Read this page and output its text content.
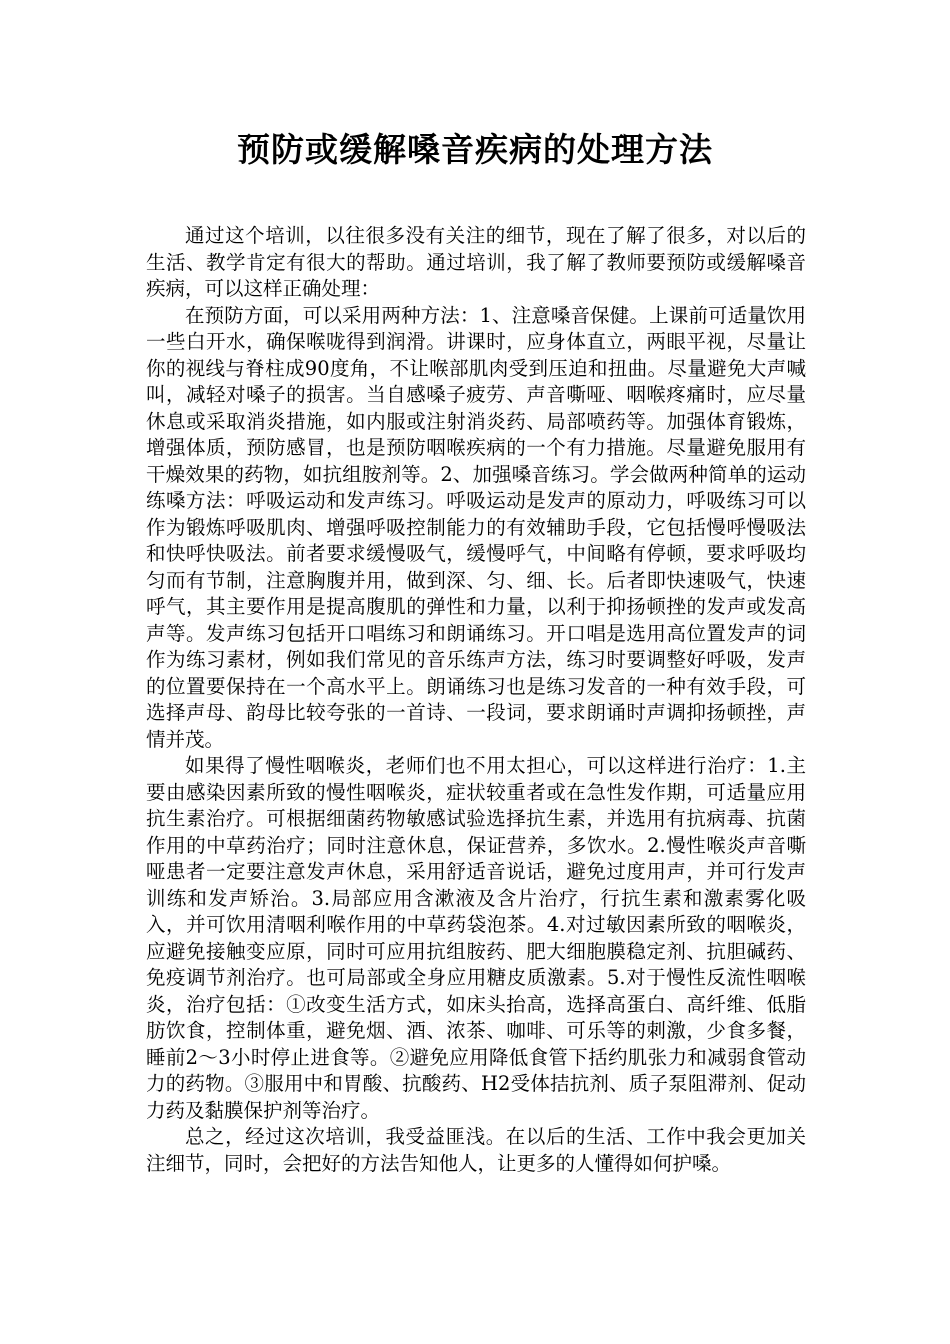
预防或缓解嗓音疾病的处理方法

通过这个培训，以往很多没有关注的细节，现在了解了很多，对以后的生活、教学肯定有很大的帮助。通过培训，我了解了教师要预防或缓解嗓音疾病，可以这样正确处理：

在预防方面，可以采用两种方法：1、注意嗓音保健。上课前可适量饮用一些白开水，确保喉咙得到润滑。讲课时，应身体直立，两眼平视，尽量让你的视线与脊柱成90度角，不让喉部肌肉受到压迫和扭曲。尽量避免大声喊叫，减轻对嗓子的损害。当自感嗓子疲劳、声音嘶哑、咽喉疼痛时，应尽量休息或采取消炎措施，如内服或注射消炎药、局部喷药等。加强体育锻炼，增强体质，预防感冒，也是预防咽喉疾病的一个有力措施。尽量避免服用有干燥效果的药物，如抗组胺剂等。2、加强嗓音练习。学会做两种简单的运动练嗓方法：呼吸运动和发声练习。呼吸运动是发声的原动力，呼吸练习可以作为锻炼呼吸肌肉、增强呼吸控制能力的有效辅助手段，它包括慢呼慢吸法和快呼快吸法。前者要求缓慢吸气，缓慢呼气，中间略有停顿，要求呼吸均匀而有节制，注意胸腹并用，做到深、匀、细、长。后者即快速吸气，快速呼气，其主要作用是提高腹肌的弹性和力量，以利于抑扬顿挫的发声或发高声等。发声练习包括开口唱练习和朗诵练习。开口唱是选用高位置发声的词作为练习素材，例如我们常见的音乐练声方法，练习时要调整好呼吸，发声的位置要保持在一个高水平上。朗诵练习也是练习发音的一种有效手段，可选择声母、韵母比较夸张的一首诗、一段词，要求朗诵时声调抑扬顿挫，声情并茂。

如果得了慢性咽喉炎，老师们也不用太担心，可以这样进行治疗：1.主要由感染因素所致的慢性咽喉炎，症状较重者或在急性发作期，可适量应用抗生素治疗。可根据细菌药物敏感试验选择抗生素，并选用有抗病毒、抗菌作用的中草药治疗；同时注意休息，保证营养，多饮水。2.慢性喉炎声音嘶哑患者一定要注意发声休息，采用舒适音说话，避免过度用声，并可行发声训练和发声矫治。3.局部应用含漱液及含片治疗，行抗生素和激素雾化吸入，并可饮用清咽利喉作用的中草药袋泡茶。4.对过敏因素所致的咽喉炎，应避免接触变应原，同时可应用抗组胺药、肥大细胞膜稳定剂、抗胆碱药、免疫调节剂治疗。也可局部或全身应用糖皮质激素。5.对于慢性反流性咽喉炎，治疗包括：①改变生活方式，如床头抬高，选择高蛋白、高纤维、低脂肪饮食，控制体重，避免烟、酒、浓茶、咖啡、可乐等的刺激，少食多餐，睡前2～3小时停止进食等。②避免应用降低食管下括约肌张力和减弱食管动力的药物。③服用中和胃酸、抗酸药、H2受体拮抗剂、质子泵阻滞剂、促动力药及黏膜保护剂等治疗。

总之，经过这次培训，我受益匪浅。在以后的生活、工作中我会更加关注细节，同时，会把好的方法告知他人，让更多的人懂得如何护嗓。
